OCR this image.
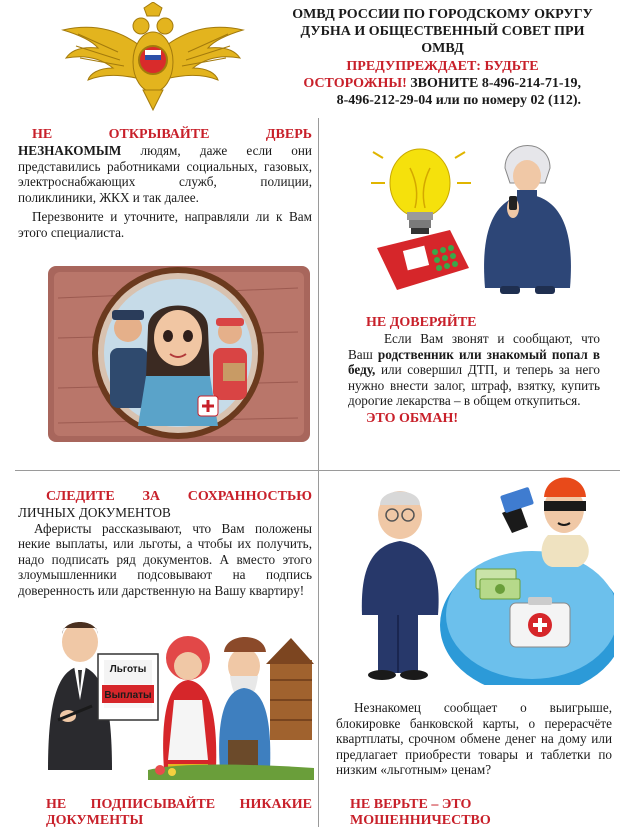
ОМВД РОССИИ ПО ГОРОДСКОМУ ОКРУГУ
ДУБНА И ОБЩЕСТВЕННЫЙ СОВЕТ ПРИ
ОМВД
ПРЕДУПРЕЖДАЕТ: БУДЬТЕ
ОСТОРОЖНЫ! ЗВОНИТЕ 8-496-214-71-19,
8-496-212-29-04 или по номеру 02 (112).
НЕ ОТКРЫВАЙТЕ ДВЕРЬ
НЕЗНАКОМЫМ людям, даже если они представились работниками социальных, газовых, электроснабжающих служб, полиции, поликлиники, ЖКХ и так далее.
Перезвоните и уточните, направляли ли к Вам этого специалиста.
НЕ ДОВЕРЯЙТЕ
Если Вам звонят и сообщают, что Ваш родственник или знакомый попал в беду, или совершил ДТП, и теперь за него нужно внести залог, штраф, взятку, купить дорогие лекарства – в общем откупиться.
ЭТО ОБМАН!
СЛЕДИТЕ ЗА СОХРАННОСТЬЮ
ЛИЧНЫХ ДОКУМЕНТОВ
Аферисты рассказывают, что Вам положены некие выплаты, или льготы, а чтобы их получить, надо подписать ряд документов. А вместо этого злоумышленники подсовывают на подпись доверенность или дарственную на Вашу квартиру!
Льготы
Выплаты
НЕ ПОДПИСЫВАЙТЕ НИКАКИЕ
ДОКУМЕНТЫ
Незнакомец сообщает о выигрыше, блокировке банковской карты, о перерасчёте квартплаты, срочном обмене денег на дому или предлагает приобрести товары и таблетки по низким «льготным» ценам?
НЕ ВЕРЬТЕ – ЭТО
МОШЕННИЧЕСТВО
